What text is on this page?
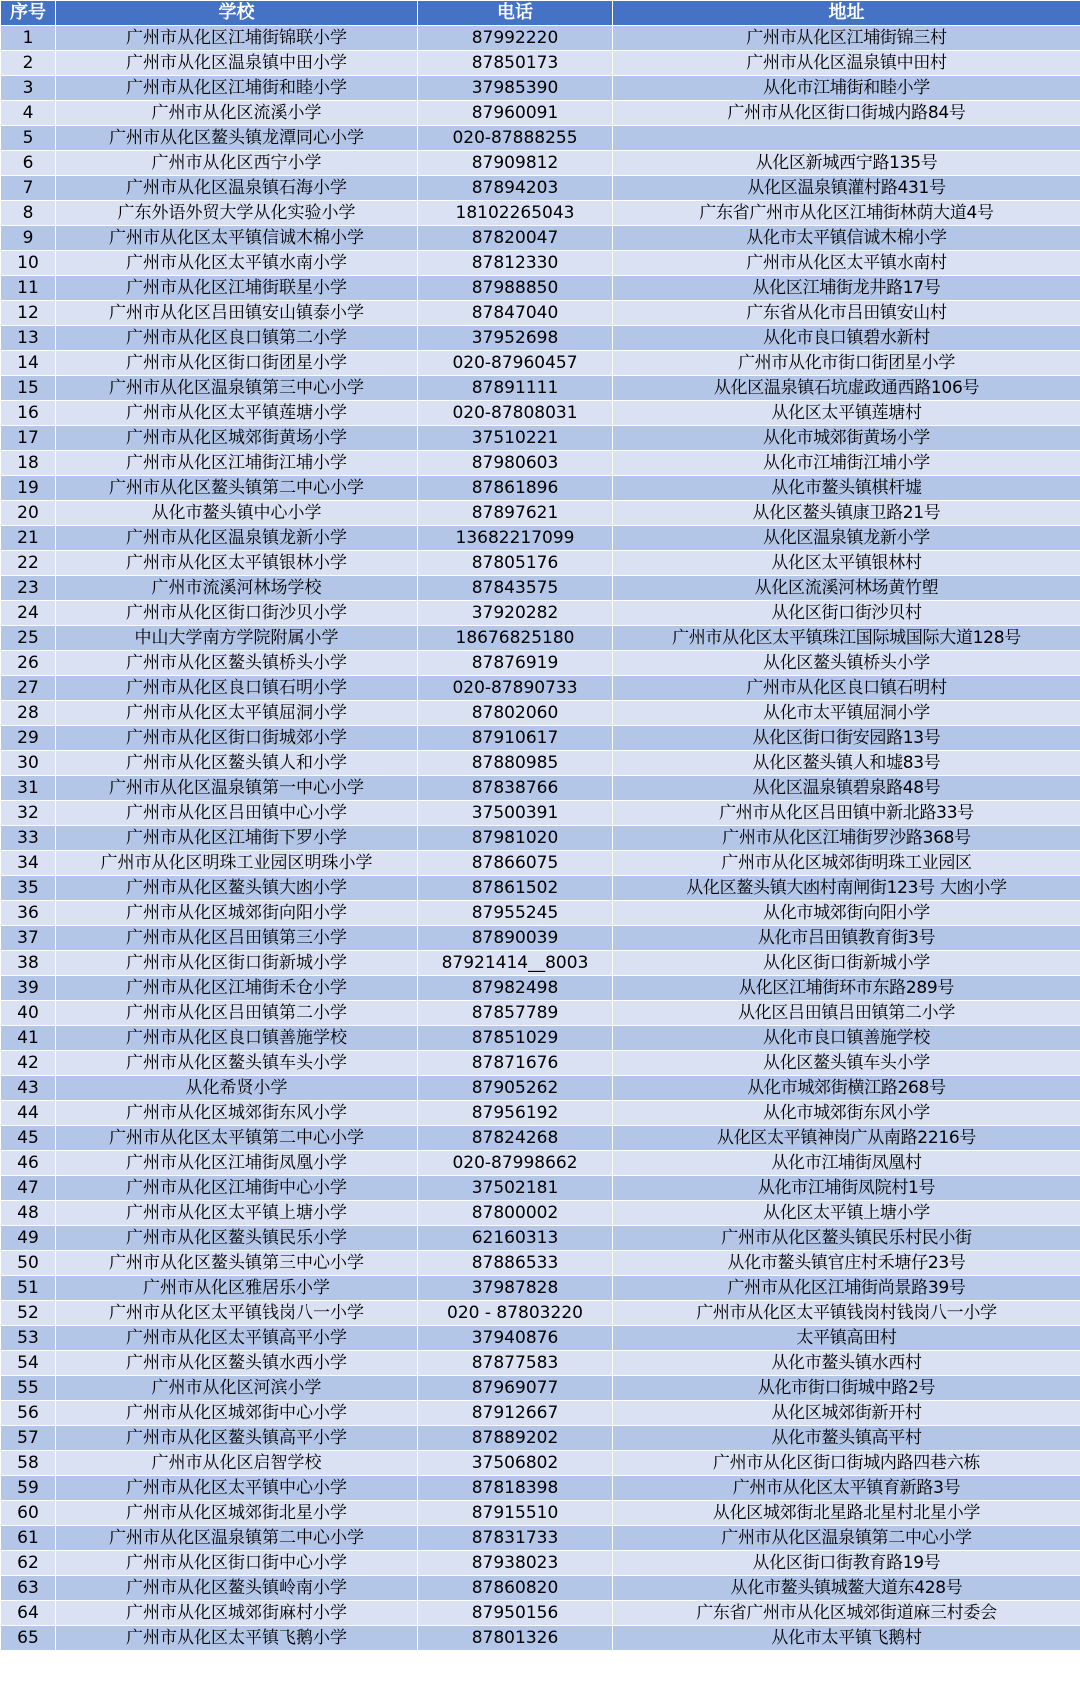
序号	学校	电话	地址
1	广州市从化区江埔街锦联小学	87992220	广州市从化区江埔街锦三村
2	广州市从化区温泉镇中田小学	87850173	广州市从化区温泉镇中田村
3	广州市从化区江埔街和睦小学	37985390	从化市江埔街和睦小学
4	广州市从化区流溪小学	87960091	广州市从化区街口街城内路84号
5	广州市从化区鳌头镇龙潭同心小学	020-87888255	
6	广州市从化区西宁小学	87909812	从化区新城西宁路135号
7	广州市从化区温泉镇石海小学	87894203	从化区温泉镇灌村路431号
8	广东外语外贸大学从化实验小学	18102265043	广东省广州市从化区江埔街林荫大道4号
9	广州市从化区太平镇信诚木棉小学	87820047	从化市太平镇信诚木棉小学
10	广州市从化区太平镇水南小学	87812330	广州市从化区太平镇水南村
11	广州市从化区江埔街联星小学	87988850	从化区江埔街龙井路17号
12	广州市从化区吕田镇安山镇泰小学	87847040	广东省从化市吕田镇安山村
13	广州市从化区良口镇第二小学	37952698	从化市良口镇碧水新村
14	广州市从化区街口街团星小学	020-87960457	广州市从化市街口街团星小学
15	广州市从化区温泉镇第三中心小学	87891111	从化区温泉镇石坑虚政通西路106号
16	广州市从化区太平镇莲塘小学	020-87808031	从化区太平镇莲塘村
17	广州市从化区城郊街黄场小学	37510221	从化市城郊街黄场小学
18	广州市从化区江埔街江埔小学	87980603	从化市江埔街江埔小学
19	广州市从化区鳌头镇第二中心小学	87861896	从化市鳌头镇棋杆墟
20	从化市鳌头镇中心小学	87897621	从化区鳌头镇康卫路21号
21	广州市从化区温泉镇龙新小学	13682217099	从化区温泉镇龙新小学
22	广州市从化区太平镇银林小学	87805176	从化区太平镇银林村
23	广州市流溪河林场学校	87843575	从化区流溪河林场黄竹塱
24	广州市从化区街口街沙贝小学	37920282	从化区街口街沙贝村
25	中山大学南方学院附属小学	18676825180	广州市从化区太平镇珠江国际城国际大道128号
26	广州市从化区鳌头镇桥头小学	87876919	从化区鳌头镇桥头小学
27	广州市从化区良口镇石明小学	020-87890733	广州市从化区良口镇石明村
28	广州市从化区太平镇屈洞小学	87802060	从化市太平镇屈洞小学
29	广州市从化区街口街城郊小学	87910617	从化区街口街安园路13号
30	广州市从化区鳌头镇人和小学	87880985	从化区鳌头镇人和墟83号
31	广州市从化区温泉镇第一中心小学	87838766	从化区温泉镇碧泉路48号
32	广州市从化区吕田镇中心小学	37500391	广州市从化区吕田镇中新北路33号
33	广州市从化区江埔街下罗小学	87981020	广州市从化区江埔街罗沙路368号
34	广州市从化区明珠工业园区明珠小学	87866075	广州市从化区城郊街明珠工业园区
35	广州市从化区鳌头镇大凼小学	87861502	从化区鳌头镇大凼村南闸街123号 大凼小学
36	广州市从化区城郊街向阳小学	87955245	从化市城郊街向阳小学
37	广州市从化区吕田镇第三小学	87890039	从化市吕田镇教育街3号
38	广州市从化区街口街新城小学	87921414__8003	从化区街口街新城小学
39	广州市从化区江埔街禾仓小学	87982498	从化区江埔街环市东路289号
40	广州市从化区吕田镇第二小学	87857789	从化区吕田镇吕田镇第二小学
41	广州市从化区良口镇善施学校	87851029	从化市良口镇善施学校
42	广州市从化区鳌头镇车头小学	87871676	从化区鳌头镇车头小学
43	从化希贤小学	87905262	从化市城郊街横江路268号
44	广州市从化区城郊街东风小学	87956192	从化市城郊街东风小学
45	广州市从化区太平镇第二中心小学	87824268	从化区太平镇神岗广从南路2216号
46	广州市从化区江埔街凤凰小学	020-87998662	从化市江埔街凤凰村
47	广州市从化区江埔街中心小学	37502181	从化市江埔街凤院村1号
48	广州市从化区太平镇上塘小学	87800002	从化区太平镇上塘小学
49	广州市从化区鳌头镇民乐小学	62160313	广州市从化区鳌头镇民乐村民小街
50	广州市从化区鳌头镇第三中心小学	87886533	从化市鳌头镇官庄村禾塘仔23号
51	广州市从化区雅居乐小学	37987828	广州市从化区江埔街尚景路39号
52	广州市从化区太平镇钱岗八一小学	020 - 87803220	广州市从化区太平镇钱岗村钱岗八一小学
53	广州市从化区太平镇高平小学	37940876	太平镇高田村
54	广州市从化区鳌头镇水西小学	87877583	从化市鳌头镇水西村
55	广州市从化区河滨小学	87969077	从化市街口街城中路2号
56	广州市从化区城郊街中心小学	87912667	从化区城郊街新开村
57	广州市从化区鳌头镇高平小学	87889202	从化市鳌头镇高平村
58	广州市从化区启智学校	37506802	广州市从化区街口街城内路四巷六栋
59	广州市从化区太平镇中心小学	87818398	广州市从化区太平镇育新路3号
60	广州市从化区城郊街北星小学	87915510	从化区城郊街北星路北星村北星小学
61	广州市从化区温泉镇第二中心小学	87831733	广州市从化区温泉镇第二中心小学
62	广州市从化区街口街中心小学	87938023	从化区街口街教育路19号
63	广州市从化区鳌头镇岭南小学	87860820	从化市鳌头镇城鳌大道东428号
64	广州市从化区城郊街麻村小学	87950156	广东省广州市从化区城郊街道麻三村委会
65	广州市从化区太平镇飞鹅小学	87801326	从化市太平镇飞鹅村
